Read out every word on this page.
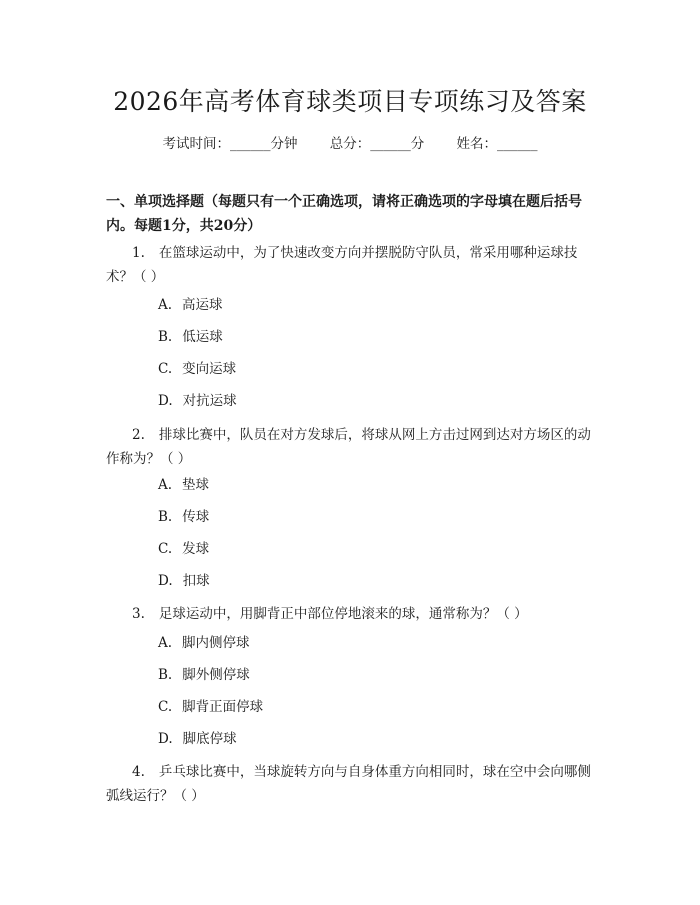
2026年高考体育球类项目专项练习及答案
考试时间：______分钟 总分：______分 姓名：______
一、单项选择题（每题只有一个正确选项，请将正确选项的字母填在题后括号内。每题1分，共20分）
1. 在篮球运动中，为了快速改变方向并摆脱防守队员，常采用哪种运球技术？（ ）
A. 高运球
B. 低运球
C. 变向运球
D. 对抗运球
2. 排球比赛中，队员在对方发球后，将球从网上方击过网到达对方场区的动作称为？（ ）
A. 垫球
B. 传球
C. 发球
D. 扣球
3. 足球运动中，用脚背正中部位停地滚来的球，通常称为？（ ）
A. 脚内侧停球
B. 脚外侧停球
C. 脚背正面停球
D. 脚底停球
4. 乒乓球比赛中，当球旋转方向与自身体重方向相同时，球在空中会向哪侧弧线运行？（ ）
